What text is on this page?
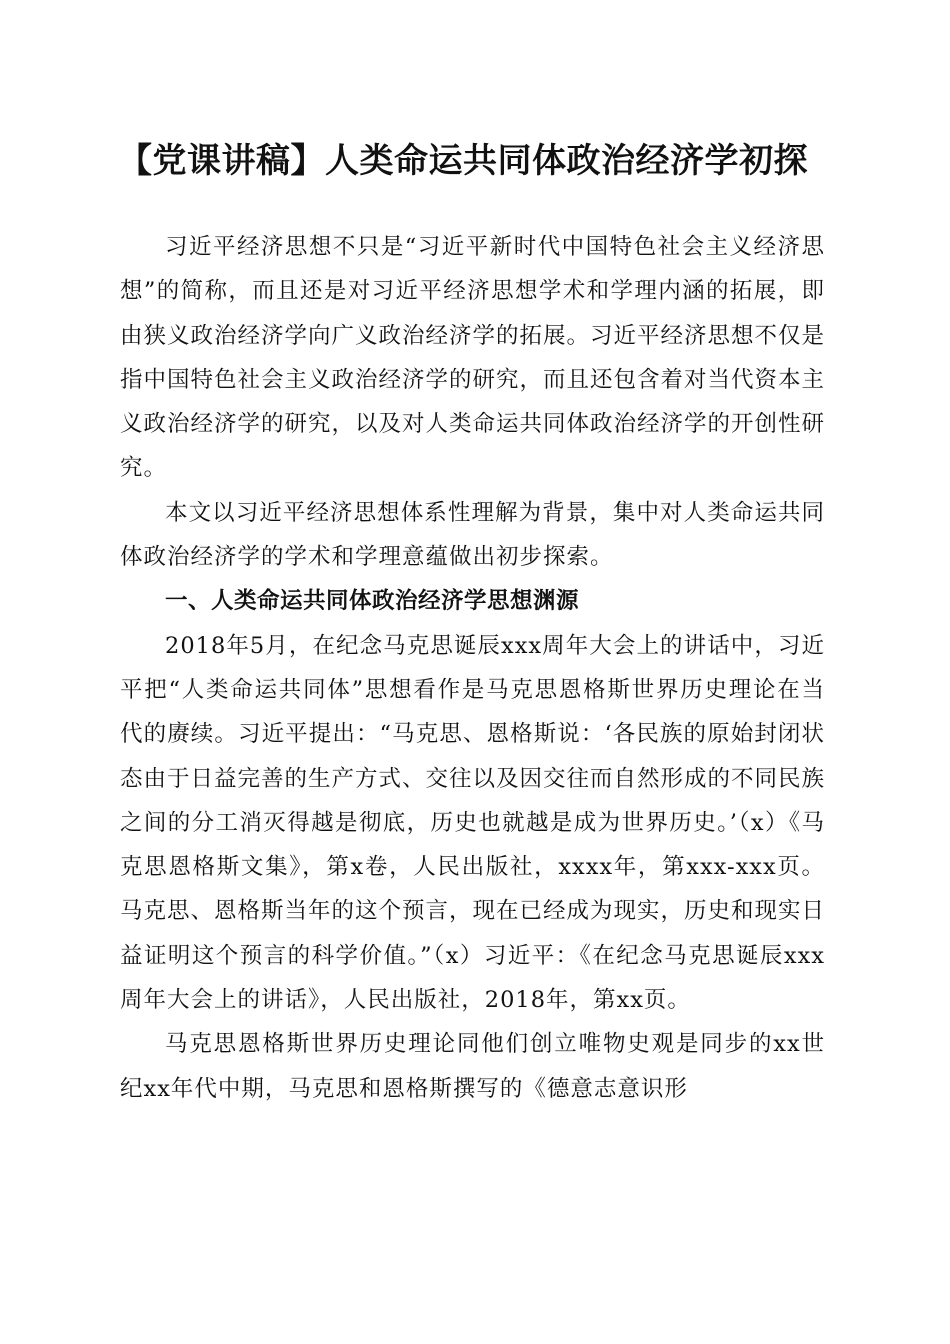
【党课讲稿】人类命运共同体政治经济学初探

习近平经济思想不只是“习近平新时代中国特色社会主义经济思想”的简称，而且还是对习近平经济思想学术和学理内涵的拓展，即由狭义政治经济学向广义政治经济学的拓展。习近平经济思想不仅是指中国特色社会主义政治经济学的研究，而且还包含着对当代资本主义政治经济学的研究，以及对人类命运共同体政治经济学的开创性研究。

本文以习近平经济思想体系性理解为背景，集中对人类命运共同体政治经济学的学术和学理意蕴做出初步探索。

一、人类命运共同体政治经济学思想渊源

2018年5月，在纪念马克思诞辰xxx周年大会上的讲话中，习近平把“人类命运共同体”思想看作是马克思恩格斯世界历史理论在当代的赓续。习近平提出：“马克思、恩格斯说：‘各民族的原始封闭状态由于日益完善的生产方式、交往以及因交往而自然形成的不同民族之间的分工消灭得越是彻底，历史也就越是成为世界历史。’（x）《马克思恩格斯文集》，第x卷，人民出版社，xxxx年，第xxx-xxx页。马克思、恩格斯当年的这个预言，现在已经成为现实，历史和现实日益证明这个预言的科学价值。”（x）习近平：《在纪念马克思诞辰xxx周年大会上的讲话》，人民出版社，2018年，第xx页。

马克思恩格斯世界历史理论同他们创立唯物史观是同步的xx世纪xx年代中期，马克思和恩格斯撰写的《德意志意识形
